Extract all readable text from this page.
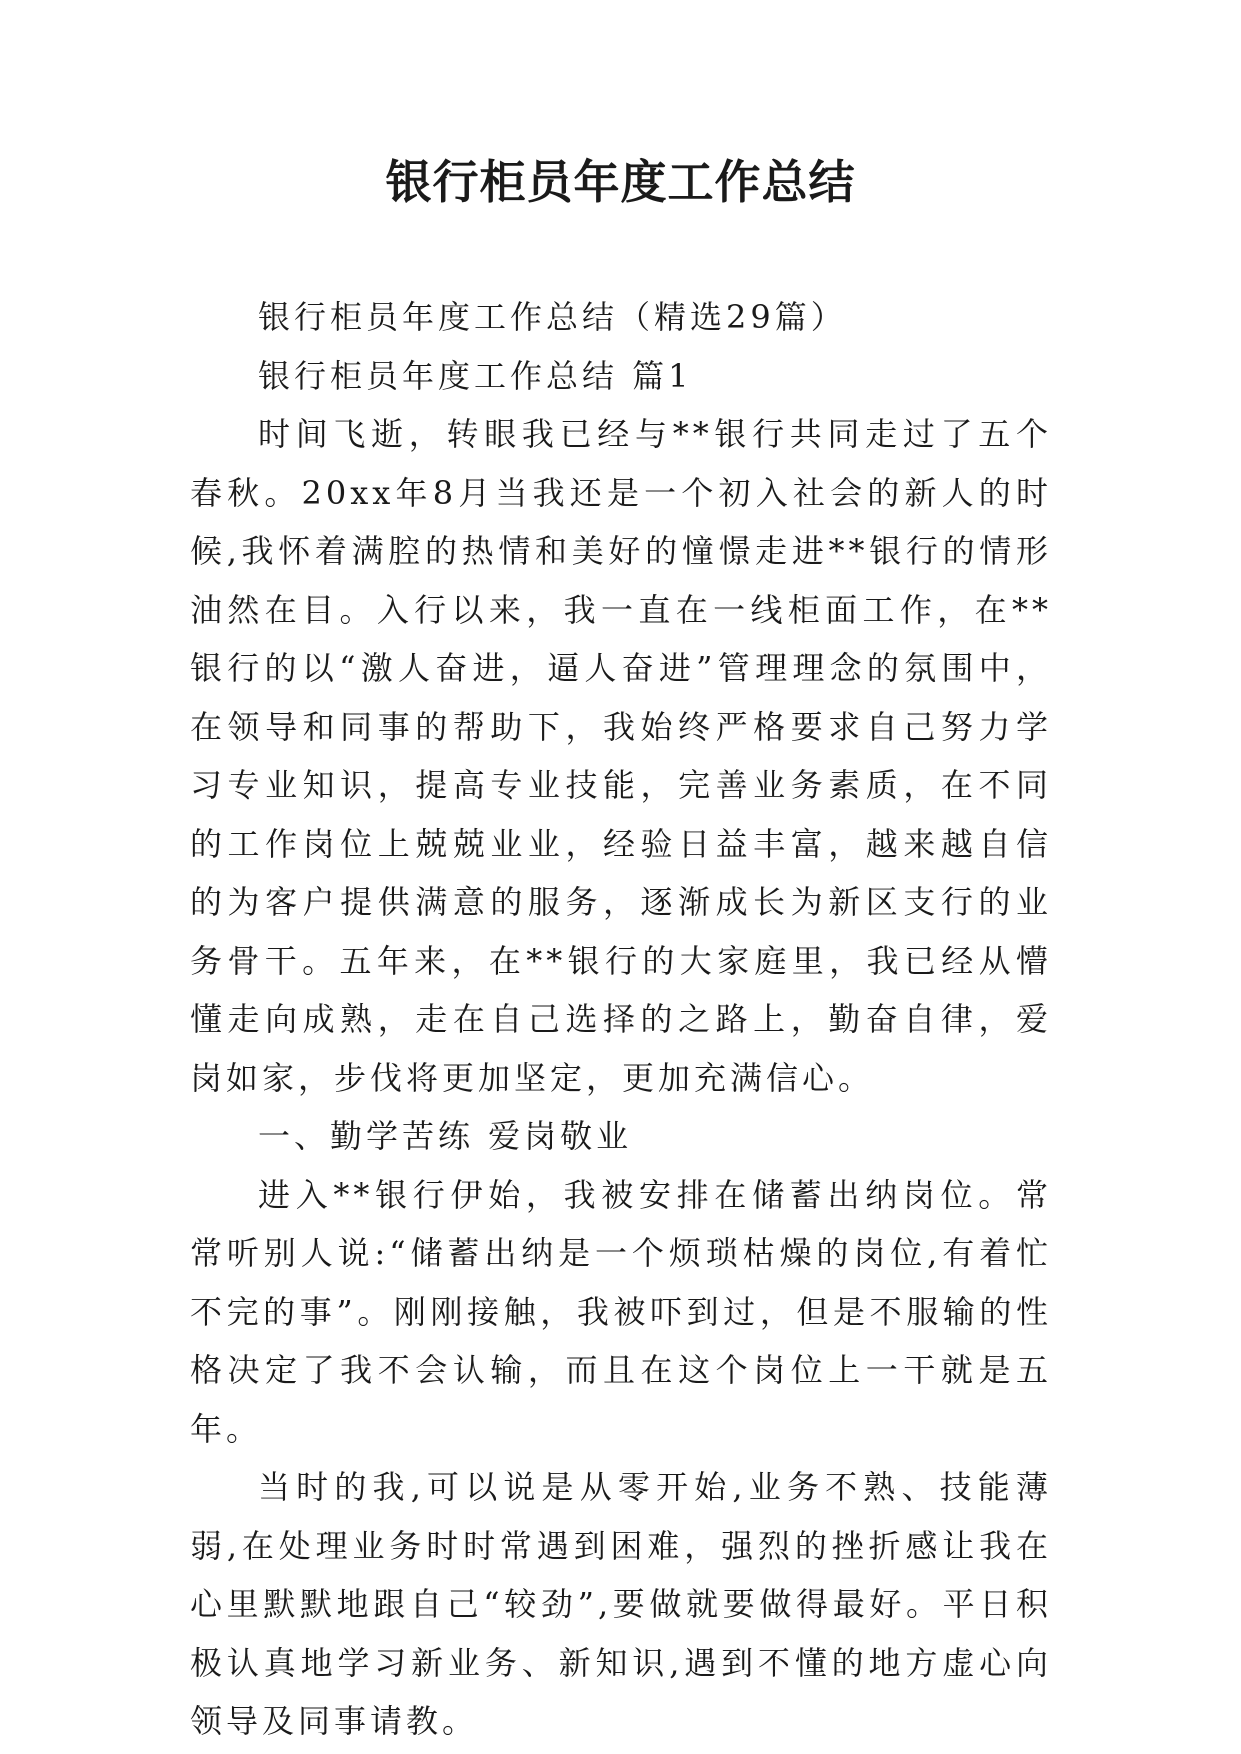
银行柜员年度工作总结

银行柜员年度工作总结（精选29篇）

银行柜员年度工作总结 篇1

时间飞逝，转眼我已经与**银行共同走过了五个春秋。20xx年8月当我还是一个初入社会的新人的时候,我怀着满腔的热情和美好的憧憬走进**银行的情形油然在目。入行以来，我一直在一线柜面工作，在**银行的以“激人奋进，逼人奋进”管理理念的氛围中，在领导和同事的帮助下，我始终严格要求自己努力学习专业知识，提高专业技能，完善业务素质，在不同的工作岗位上兢兢业业，经验日益丰富，越来越自信的为客户提供满意的服务，逐渐成长为新区支行的业务骨干。五年来，在**银行的大家庭里，我已经从懵懂走向成熟，走在自己选择的之路上，勤奋自律，爱岗如家，步伐将更加坚定，更加充满信心。

一、勤学苦练 爱岗敬业

进入**银行伊始，我被安排在储蓄出纳岗位。常常听别人说:“储蓄出纳是一个烦琐枯燥的岗位,有着忙不完的事”。刚刚接触，我被吓到过，但是不服输的性格决定了我不会认输，而且在这个岗位上一干就是五年。

当时的我,可以说是从零开始,业务不熟、技能薄弱,在处理业务时时常遇到困难，强烈的挫折感让我在心里默默地跟自己“较劲”,要做就要做得最好。平日积极认真地学习新业务、新知识,遇到不懂的地方虚心向领导及同事请教。
